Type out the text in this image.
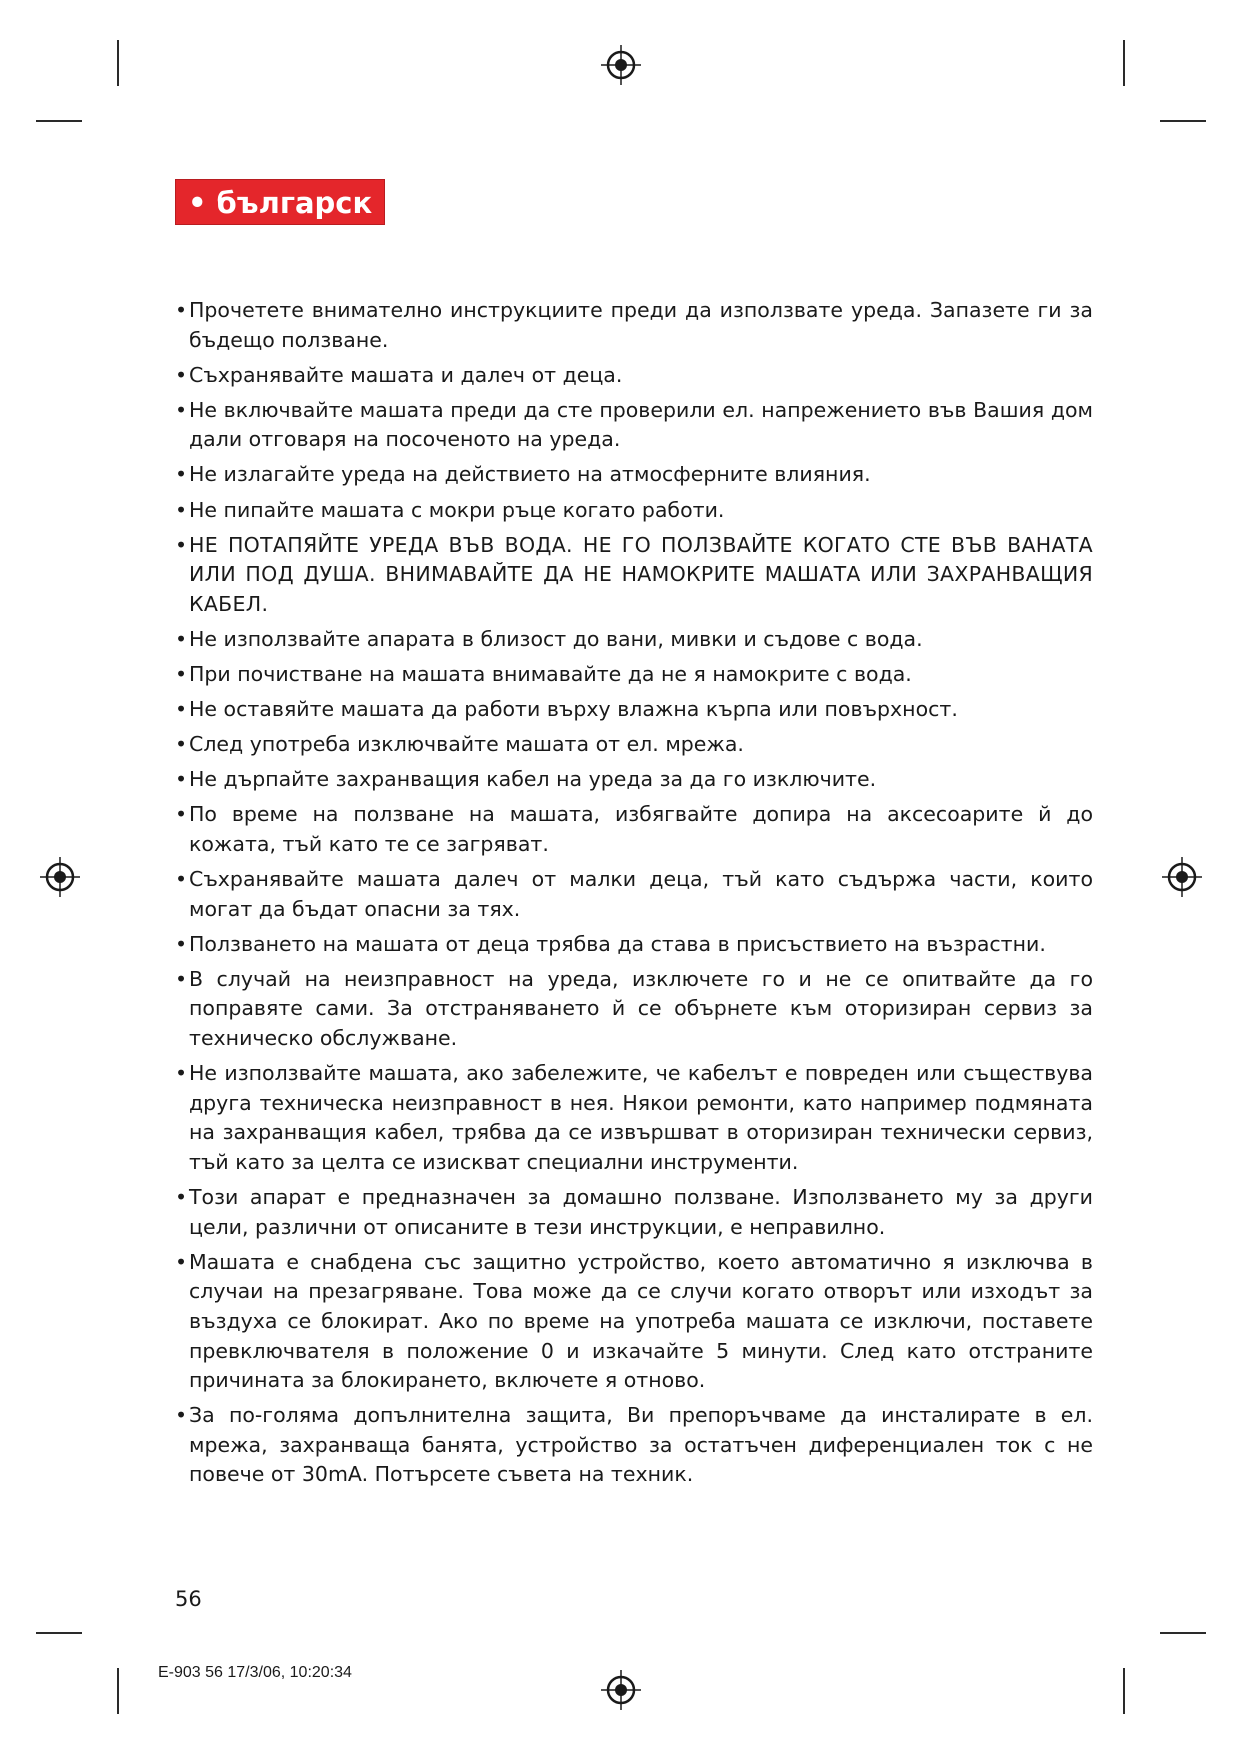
• българск
• Прочетете внимателно инструкциите преди да използвате уреда. Запазете ги за бъдещо ползване.
• Съхранявайте машата и далеч от деца.
• Не включвайте машата преди да сте проверили ел. напрежението във Вашия дом дали отговаря на посоченото на уреда.
• Не излагайте уреда на действието на атмосферните влияния.
• Не пипайте машата с мокри ръце когато работи.
• НЕ ПОТАПЯЙТЕ УРЕДА ВЪВ ВОДА. НЕ ГО ПОЛЗВАЙТЕ КОГАТО СТЕ ВЪВ ВАНАТА ИЛИ ПОД ДУША. ВНИМАВАЙТЕ ДА НЕ НАМОКРИТЕ МАШАТА ИЛИ ЗАХРАНВАЩИЯ КАБЕЛ.
• Не използвайте апарата в близост до вани, мивки и съдове с вода.
• При почистване на машата внимавайте да не я намокрите с вода.
• Не оставяйте машата да работи върху влажна кърпа или повърхност.
• След употреба изключвайте машата от ел. мрежа.
• Не дърпайте захранващия кабел на уреда за да го изключите.
• По време на ползване на машата, избягвайте допира на аксесоарите й до кожата, тъй като те се загряват.
• Съхранявайте машата далеч от малки деца, тъй като съдържа части, които могат да бъдат опасни за тях.
• Ползването на машата от деца трябва да става в присъствието на възрастни.
• В случай на неизправност на уреда, изключете го и не се опитвайте да го поправяте сами. За отстраняването й се обърнете към оторизиран сервиз за техническо обслужване.
• Не използвайте машата, ако забележите, че кабелът е повреден или съществува друга техническа неизправност в нея. Някои ремонти, като например подмяната на захранващия кабел, трябва да се извършват в оторизиран технически сервиз, тъй като за целта се изискват специални инструменти.
• Този апарат е предназначен за домашно ползване. Използването му за други цели, различни от описаните в тези инструкции, е неправилно.
• Машата е снабдена със защитно устройство, което автоматично я изключва в случаи на презагряване. Това може да се случи когато отворът или изходът за въздуха се блокират. Ако по време на употреба машата се изключи, поставете превключвателя в положение 0 и изкачайте 5 минути. След като отстраните причината за блокирането, включете я отново.
• За по-голяма допълнителна защита, Ви препоръчваме да инсталирате в ел. мрежа, захранваща банята, устройство за остатъчен диференциален ток с не повече от 30mA. Потърсете съвета на техник.
56
E-903 56 17/3/06, 10:20:34
